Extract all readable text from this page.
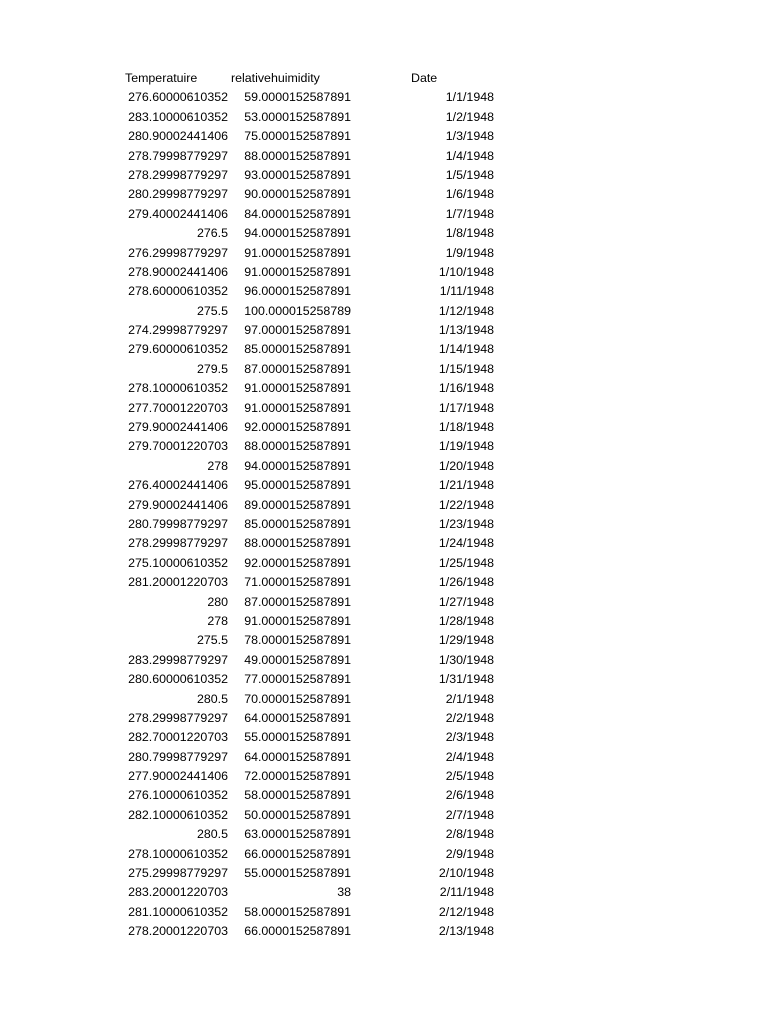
Temperatuire	relativehuimidity	Date
276.60000610352	59.0000152587891	1/1/1948
283.10000610352	53.0000152587891	1/2/1948
280.90002441406	75.0000152587891	1/3/1948
278.79998779297	88.0000152587891	1/4/1948
278.29998779297	93.0000152587891	1/5/1948
280.29998779297	90.0000152587891	1/6/1948
279.40002441406	84.0000152587891	1/7/1948
276.5	94.0000152587891	1/8/1948
276.29998779297	91.0000152587891	1/9/1948
278.90002441406	91.0000152587891	1/10/1948
278.60000610352	96.0000152587891	1/11/1948
275.5	100.000015258789	1/12/1948
274.29998779297	97.0000152587891	1/13/1948
279.60000610352	85.0000152587891	1/14/1948
279.5	87.0000152587891	1/15/1948
278.10000610352	91.0000152587891	1/16/1948
277.70001220703	91.0000152587891	1/17/1948
279.90002441406	92.0000152587891	1/18/1948
279.70001220703	88.0000152587891	1/19/1948
278	94.0000152587891	1/20/1948
276.40002441406	95.0000152587891	1/21/1948
279.90002441406	89.0000152587891	1/22/1948
280.79998779297	85.0000152587891	1/23/1948
278.29998779297	88.0000152587891	1/24/1948
275.10000610352	92.0000152587891	1/25/1948
281.20001220703	71.0000152587891	1/26/1948
280	87.0000152587891	1/27/1948
278	91.0000152587891	1/28/1948
275.5	78.0000152587891	1/29/1948
283.29998779297	49.0000152587891	1/30/1948
280.60000610352	77.0000152587891	1/31/1948
280.5	70.0000152587891	2/1/1948
278.29998779297	64.0000152587891	2/2/1948
282.70001220703	55.0000152587891	2/3/1948
280.79998779297	64.0000152587891	2/4/1948
277.90002441406	72.0000152587891	2/5/1948
276.10000610352	58.0000152587891	2/6/1948
282.10000610352	50.0000152587891	2/7/1948
280.5	63.0000152587891	2/8/1948
278.10000610352	66.0000152587891	2/9/1948
275.29998779297	55.0000152587891	2/10/1948
283.20001220703	38	2/11/1948
281.10000610352	58.0000152587891	2/12/1948
278.20001220703	66.0000152587891	2/13/1948
